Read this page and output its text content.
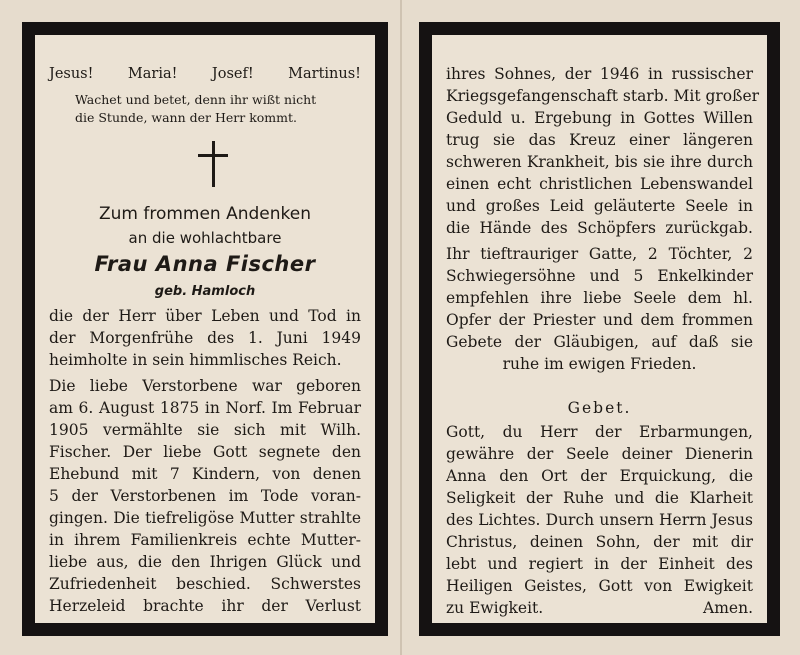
Jesus! Maria! Josef! Martinus!
Wachet und betet, denn ihr wißt nicht
die Stunde, wann der Herr kommt.
Zum frommen Andenken
an die wohlachtbare
Frau Anna Fischer
geb. Hamloch
die der Herr über Leben und Tod in
der Morgenfrühe des 1. Juni 1949
heimholte in sein himmlisches Reich.
Die liebe Verstorbene war geboren
am 6. August 1875 in Norf. Im Februar
1905 vermählte sie sich mit Wilh.
Fischer. Der liebe Gott segnete den
Ehebund mit 7 Kindern, von denen
5 der Verstorbenen im Tode voran-
gingen. Die tiefreligöse Mutter strahlte
in ihrem Familienkreis echte Mutter-
liebe aus, die den Ihrigen Glück und
Zufriedenheit beschied. Schwerstes
Herzeleid brachte ihr der Verlust
ihres Sohnes, der 1946 in russischer
Kriegsgefangenschaft starb. Mit großer
Geduld u. Ergebung in Gottes Willen
trug sie das Kreuz einer längeren
schweren Krankheit, bis sie ihre durch
einen echt christlichen Lebenswandel
und großes Leid geläuterte Seele in
die Hände des Schöpfers zurückgab.
Ihr tieftrauriger Gatte, 2 Töchter, 2
Schwiegersöhne und 5 Enkelkinder
empfehlen ihre liebe Seele dem hl.
Opfer der Priester und dem frommen
Gebete der Gläubigen, auf daß sie
ruhe im ewigen Frieden.
Gebet.
Gott, du Herr der Erbarmungen,
gewähre der Seele deiner Dienerin
Anna den Ort der Erquickung, die
Seligkeit der Ruhe und die Klarheit
des Lichtes. Durch unsern Herrn Jesus
Christus, deinen Sohn, der mit dir
lebt und regiert in der Einheit des
Heiligen Geistes, Gott von Ewigkeit
zu Ewigkeit.	Amen.
